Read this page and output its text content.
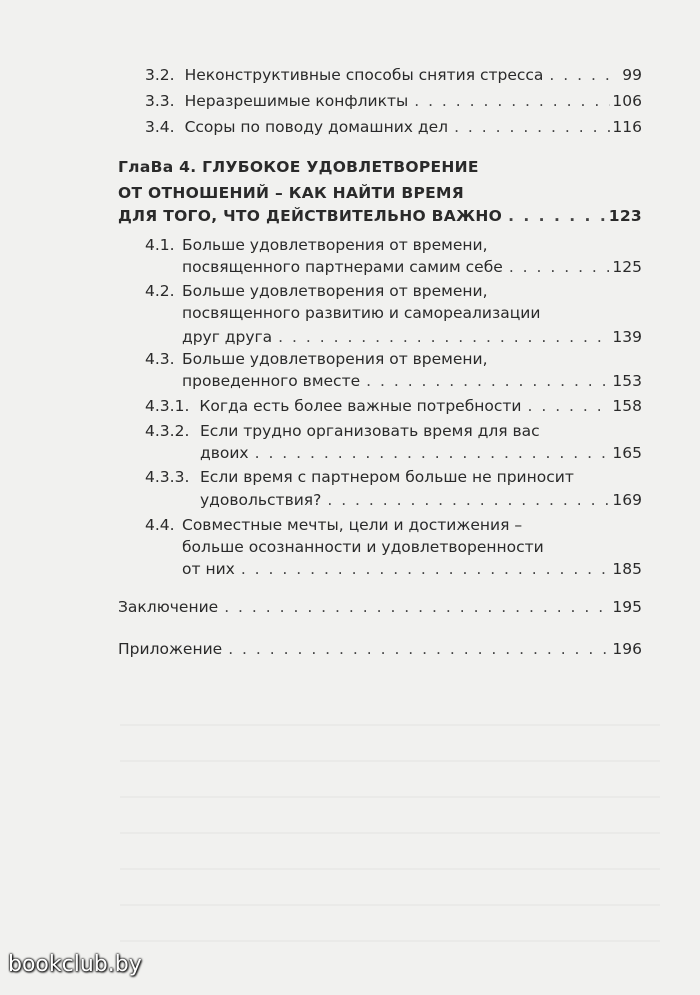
3.2. Неконструктивные способы снятия стресса . . .	99
3.3. Неразрешимые конфликты . . .	106
3.4. Ссоры по поводу домашних дел . . .	116
ГлаВа 4. ГЛУБОКОЕ УДОВЛЕТВОРЕНИЕ
ОТ ОТНОШЕНИЙ – КАК НАЙТИ ВРЕМЯ
ДЛЯ ТОГО, ЧТО ДЕЙСТВИТЕЛЬНО ВАЖНО . . .	123
4.1. Больше удовлетворения от времени,
посвященного партнерами самим себе . . .	125
4.2. Больше удовлетворения от времени,
посвященного развитию и самореализации
друг друга . . .	139
4.3. Больше удовлетворения от времени,
проведенного вместе . . .	153
4.3.1. Когда есть более важные потребности . . .	158
4.3.2. Если трудно организовать время для вас
двоих . . .	165
4.3.3. Если время с партнером больше не приносит
удовольствия? . . .	169
4.4. Совместные мечты, цели и достижения –
больше осознанности и удовлетворенности
от них . . .	185
Заключение . . .	195
Приложение . . .	196
bookclub.by
